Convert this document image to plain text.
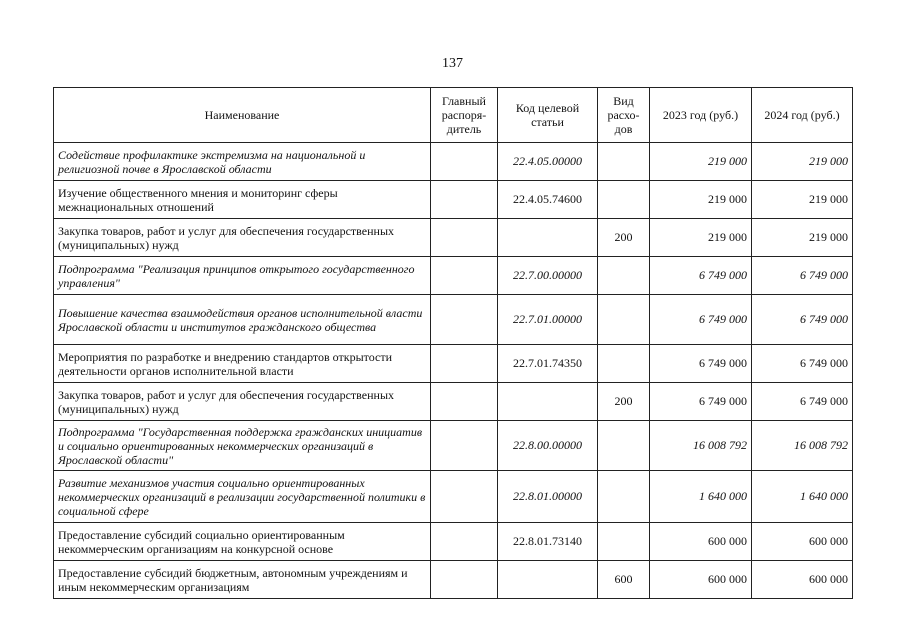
137
Наименование	Главный распоря-дитель	Код целевой статьи	Вид расхо-дов	2023 год (руб.)	2024 год (руб.)
Содействие профилактике экстремизма на национальной и религиозной почве в Ярославской области		22.4.05.00000		219 000	219 000
Изучение общественного мнения и мониторинг сферы межнациональных отношений		22.4.05.74600		219 000	219 000
Закупка товаров, работ и услуг для обеспечения государственных (муниципальных) нужд			200	219 000	219 000
Подпрограмма "Реализация принципов открытого государственного управления"		22.7.00.00000		6 749 000	6 749 000
Повышение качества взаимодействия органов исполнительной власти Ярославской области и институтов гражданского общества		22.7.01.00000		6 749 000	6 749 000
Мероприятия по разработке и внедрению стандартов открытости деятельности органов исполнительной власти		22.7.01.74350		6 749 000	6 749 000
Закупка товаров, работ и услуг для обеспечения государственных (муниципальных) нужд			200	6 749 000	6 749 000
Подпрограмма "Государственная поддержка гражданских инициатив и социально ориентированных некоммерческих организаций в Ярославской области"		22.8.00.00000		16 008 792	16 008 792
Развитие механизмов участия социально ориентированных некоммерческих организаций в реализации государственной политики в социальной сфере		22.8.01.00000		1 640 000	1 640 000
Предоставление субсидий социально ориентированным некоммерческим организациям на конкурсной основе		22.8.01.73140		600 000	600 000
Предоставление субсидий бюджетным, автономным учреждениям и иным некоммерческим организациям			600	600 000	600 000
